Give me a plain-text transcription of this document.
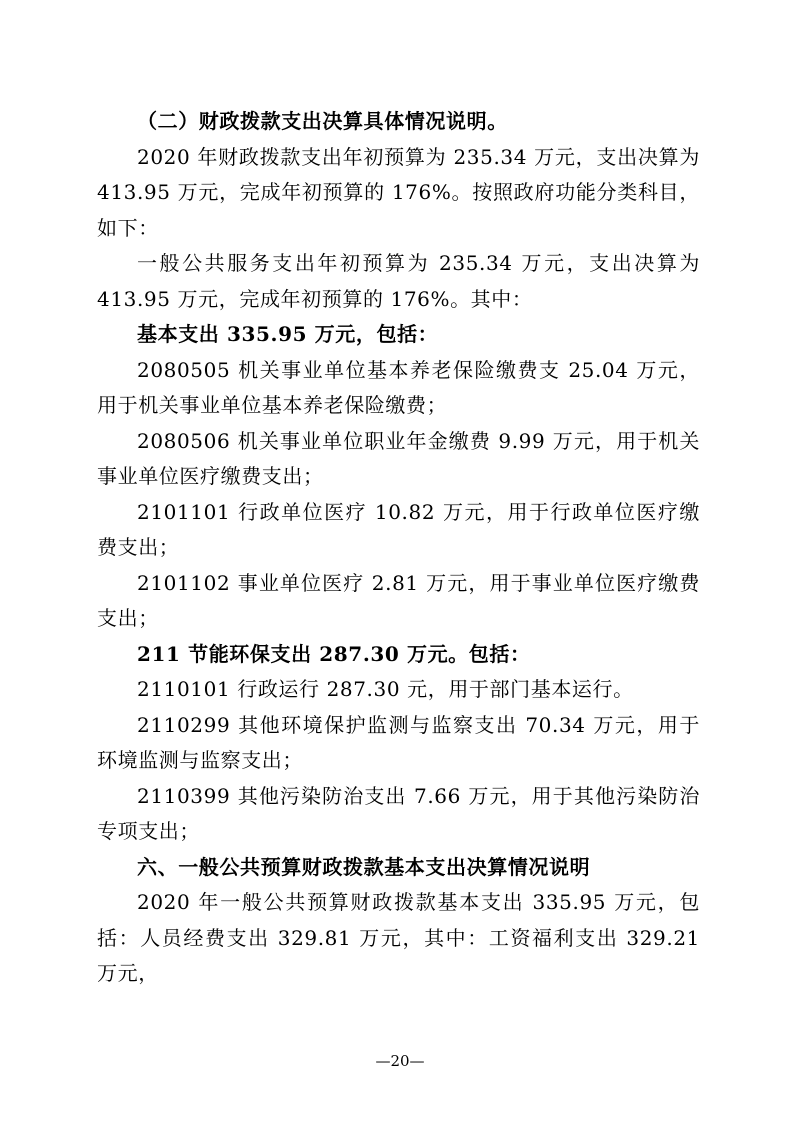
（二）财政拨款支出决算具体情况说明。

2020 年财政拨款支出年初预算为 235.34 万元，支出决算为 413.95 万元，完成年初预算的 176%。按照政府功能分类科目，如下：

一般公共服务支出年初预算为 235.34 万元，支出决算为 413.95 万元，完成年初预算的 176%。其中：

基本支出 335.95 万元，包括：

2080505 机关事业单位基本养老保险缴费支 25.04 万元，用于机关事业单位基本养老保险缴费；

2080506 机关事业单位职业年金缴费 9.99 万元，用于机关事业单位医疗缴费支出；

2101101 行政单位医疗 10.82 万元，用于行政单位医疗缴费支出；

2101102 事业单位医疗 2.81 万元，用于事业单位医疗缴费支出；

211 节能环保支出 287.30 万元。包括：

2110101 行政运行 287.30 元，用于部门基本运行。

2110299 其他环境保护监测与监察支出 70.34 万元，用于环境监测与监察支出；

2110399 其他污染防治支出 7.66 万元，用于其他污染防治专项支出；

六、一般公共预算财政拨款基本支出决算情况说明

2020 年一般公共预算财政拨款基本支出 335.95 万元，包括：人员经费支出 329.81 万元，其中：工资福利支出 329.21 万元，

—20—
